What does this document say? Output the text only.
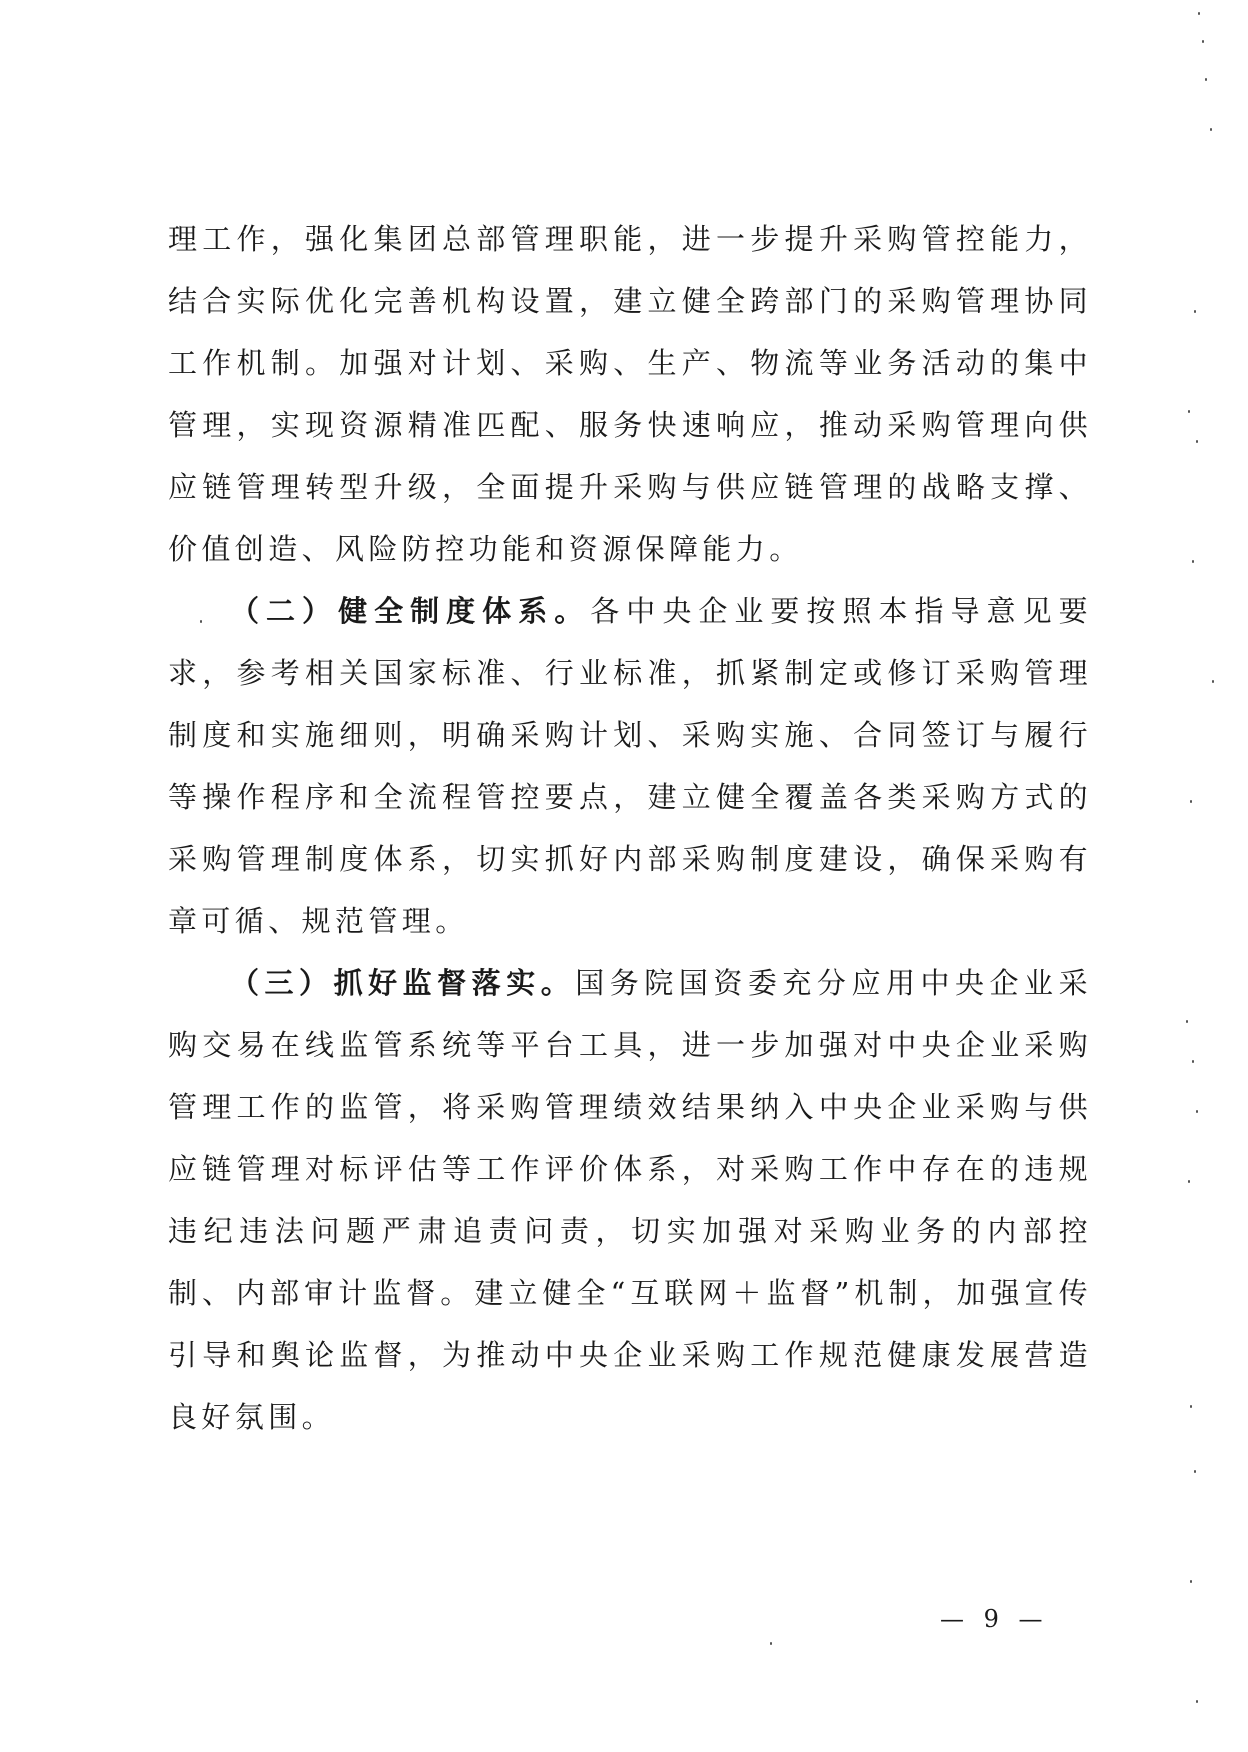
理工作，强化集团总部管理职能，进一步提升采购管控能力，结合实际优化完善机构设置，建立健全跨部门的采购管理协同工作机制。加强对计划、采购、生产、物流等业务活动的集中管理，实现资源精准匹配、服务快速响应，推动采购管理向供应链管理转型升级，全面提升采购与供应链管理的战略支撑、价值创造、风险防控功能和资源保障能力。

（二）健全制度体系。各中央企业要按照本指导意见要求，参考相关国家标准、行业标准，抓紧制定或修订采购管理制度和实施细则，明确采购计划、采购实施、合同签订与履行等操作程序和全流程管控要点，建立健全覆盖各类采购方式的采购管理制度体系，切实抓好内部采购制度建设，确保采购有章可循、规范管理。

（三）抓好监督落实。国务院国资委充分应用中央企业采购交易在线监管系统等平台工具，进一步加强对中央企业采购管理工作的监管，将采购管理绩效结果纳入中央企业采购与供应链管理对标评估等工作评价体系，对采购工作中存在的违规违纪违法问题严肃追责问责，切实加强对采购业务的内部控制、内部审计监督。建立健全“互联网＋监督”机制，加强宣传引导和舆论监督，为推动中央企业采购工作规范健康发展营造良好氛围。

— 9 —
